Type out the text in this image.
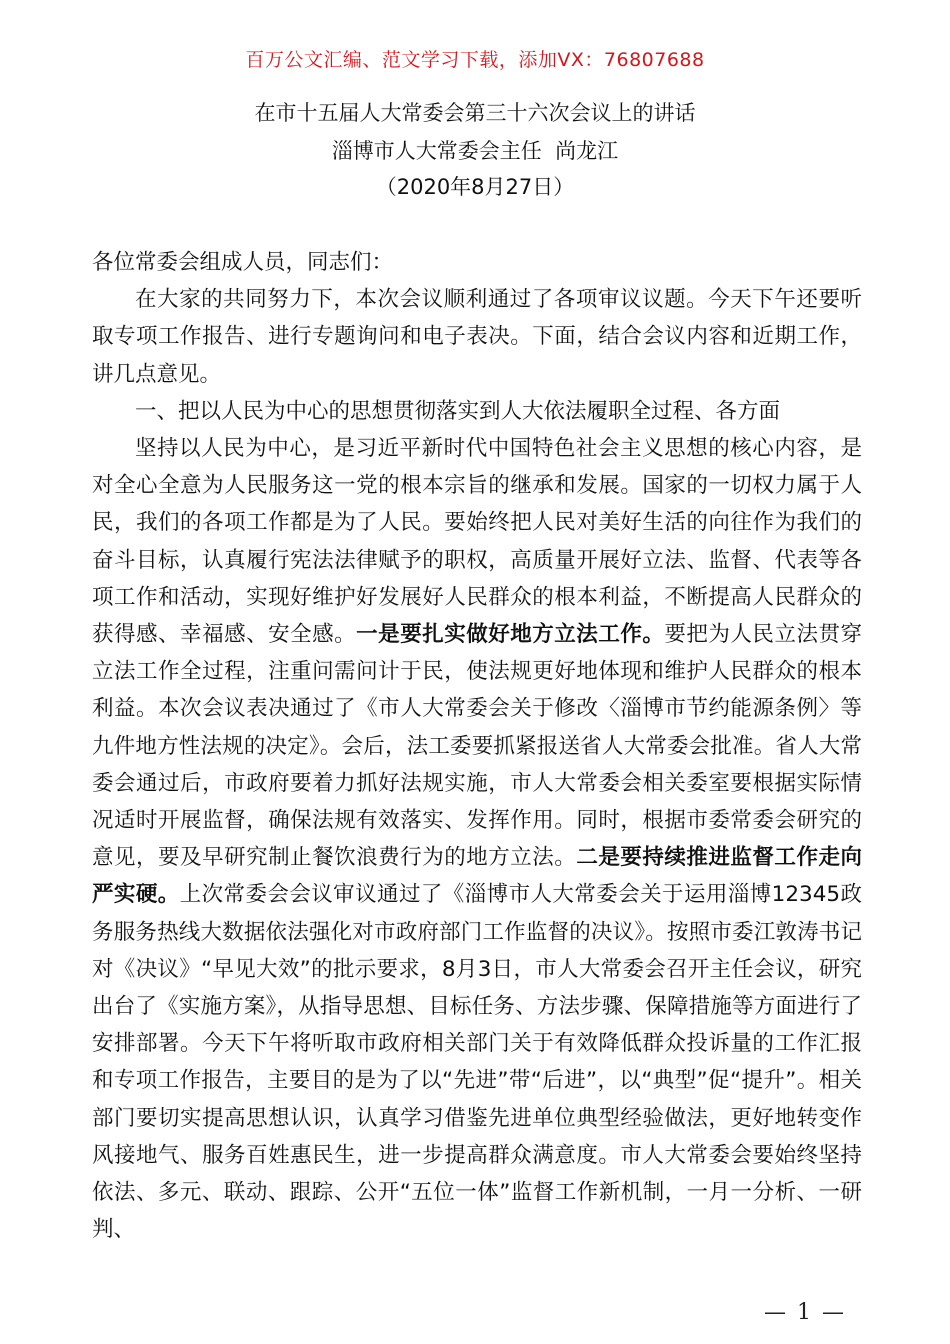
百万公文汇编、范文学习下载，添加VX：76807688
在市十五届人大常委会第三十六次会议上的讲话
淄博市人大常委会主任  尚龙江
（2020年8月27日）

各位常委会组成人员，同志们：

在大家的共同努力下，本次会议顺利通过了各项审议议题。今天下午还要听取专项工作报告、进行专题询问和电子表决。下面，结合会议内容和近期工作，讲几点意见。

一、把以人民为中心的思想贯彻落实到人大依法履职全过程、各方面

坚持以人民为中心，是习近平新时代中国特色社会主义思想的核心内容，是对全心全意为人民服务这一党的根本宗旨的继承和发展。国家的一切权力属于人民，我们的各项工作都是为了人民。要始终把人民对美好生活的向往作为我们的奋斗目标，认真履行宪法法律赋予的职权，高质量开展好立法、监督、代表等各项工作和活动，实现好维护好发展好人民群众的根本利益，不断提高人民群众的获得感、幸福感、安全感。一是要扎实做好地方立法工作。要把为人民立法贯穿立法工作全过程，注重问需问计于民，使法规更好地体现和维护人民群众的根本利益。本次会议表决通过了《市人大常委会关于修改〈淄博市节约能源条例〉等九件地方性法规的决定》。会后，法工委要抓紧报送省人大常委会批准。省人大常委会通过后，市政府要着力抓好法规实施，市人大常委会相关委室要根据实际情况适时开展监督，确保法规有效落实、发挥作用。同时，根据市委常委会研究的意见，要及早研究制止餐饮浪费行为的地方立法。二是要持续推进监督工作走向严实硬。上次常委会会议审议通过了《淄博市人大常委会关于运用淄博12345政务服务热线大数据依法强化对市政府部门工作监督的决议》。按照市委江敦涛书记对《决议》“早见大效”的批示要求，8月3日，市人大常委会召开主任会议，研究出台了《实施方案》，从指导思想、目标任务、方法步骤、保障措施等方面进行了安排部署。今天下午将听取市政府相关部门关于有效降低群众投诉量的工作汇报和专项工作报告，主要目的是为了以“先进”带“后进”，以“典型”促“提升”。相关部门要切实提高思想认识，认真学习借鉴先进单位典型经验做法，更好地转变作风接地气、服务百姓惠民生，进一步提高群众满意度。市人大常委会要始终坚持依法、多元、联动、跟踪、公开“五位一体”监督工作新机制，一月一分析、一研判、

— 1 —
